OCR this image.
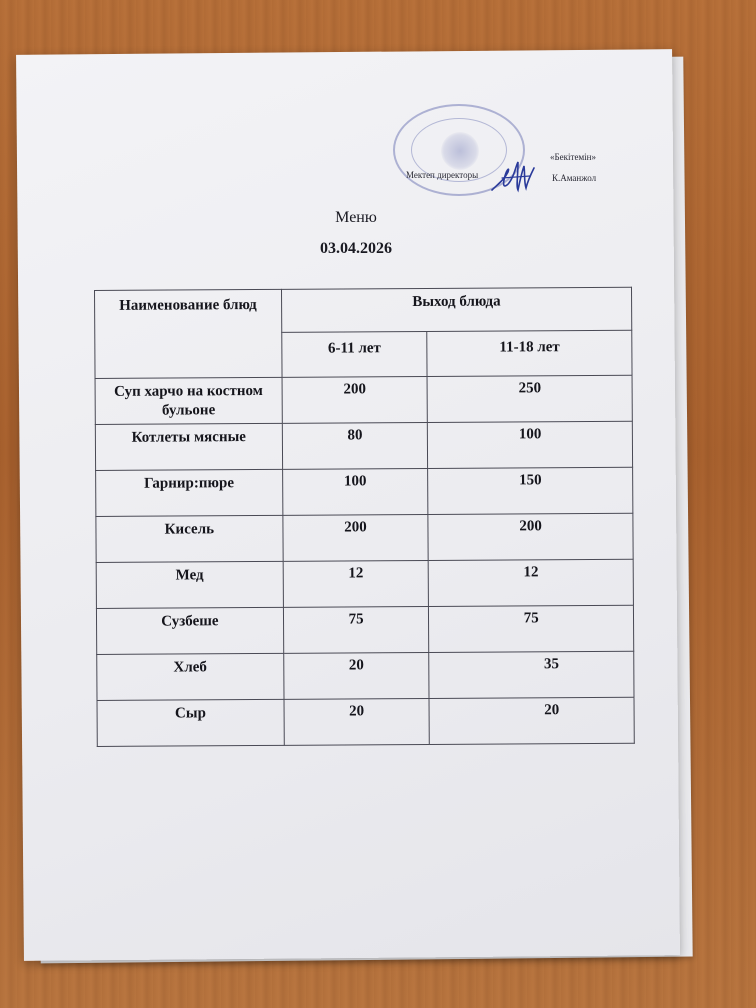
Мектеп директоры
«Бекітемін»
К.Аманжол
Меню
03.04.2026
Наименование блюд	Выход блюда	
	6-11 лет	11-18 лет
Суп харчо на костном бульоне	200	250
Котлеты мясные	80	100
Гарнир:пюре	100	150
Кисель	200	200
Мед	12	12
Сузбеше	75	75
Хлеб	20	35
Сыр	20	20
